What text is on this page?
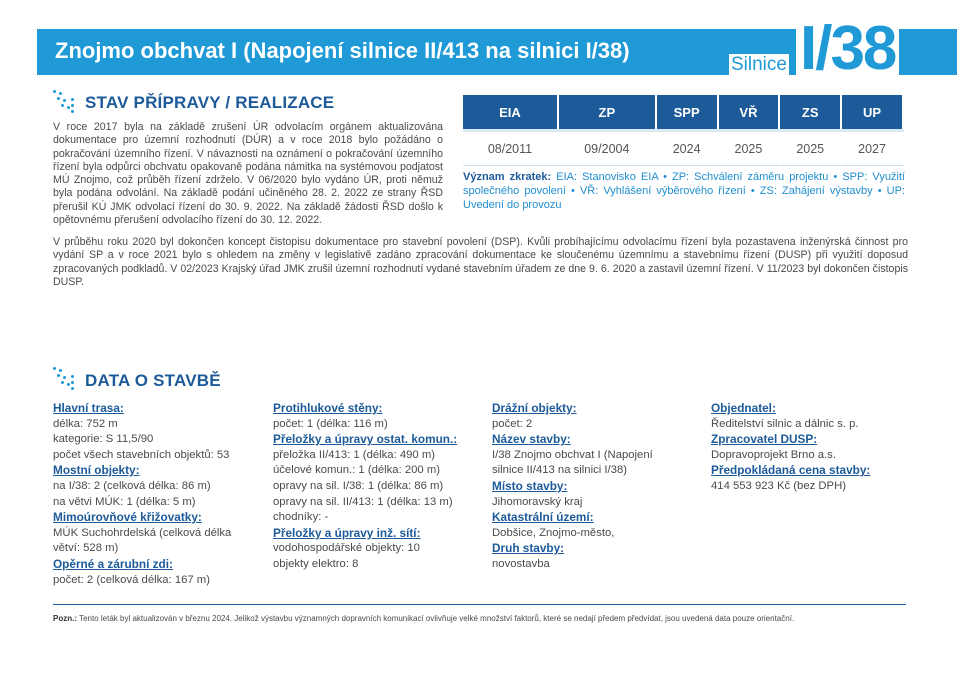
Znojmo obchvat I (Napojení silnice II/413 na silnici I/38)
Silnice I/38
STAV PŘÍPRAVY / REALIZACE
V roce 2017 byla na základě zrušení ÚR odvolacím orgánem aktualizována dokumentace pro územní rozhodnutí (DÚR) a v roce 2018 bylo požádáno o pokračování územního řízení. V návaznosti na oznámení o pokračování územního řízení byla odpůrci obchvatu opakovaně podána námitka na systémovou podjatost MÚ Znojmo, což průběh řízení zdrželo. V 06/2020 bylo vydáno ÚR, proti němuž byla podána odvolání. Na základě podání učiněného 28. 2. 2022 ze strany ŘSD přerušil KÚ JMK odvolací řízení do 30. 9. 2022. Na základě žádosti ŘSD došlo k opětovnému přerušení odvolacího řízení do 30. 12. 2022.
EIA	ZP	SPP	VŘ	ZS	UP

08/2011	09/2004	2024	2025	2025	2027
Význam zkratek: EIA: Stanovisko EIA • ZP: Schválení záměru projektu • SPP: Využití společného povolení • VŘ: Vyhlášení výběrového řízení • ZS: Zahájení výstavby • UP: Uvedení do provozu
V průběhu roku 2020 byl dokončen koncept čistopisu dokumentace pro stavební povolení (DSP). Kvůli probíhajícímu odvolacímu řízení byla pozastavena inženýrská činnost pro vydání SP a v roce 2021 bylo s ohledem na změny v legislativě zadáno zpracování dokumentace ke sloučenému územnímu a stavebnímu řízení (DUSP) při využití doposud zpracovaných podkladů. V 02/2023 Krajský úřad JMK zrušil územní rozhodnutí vydané stavebním úřadem ze dne 9. 6. 2020 a zastavil územní řízení. V 11/2023 byl dokončen čistopis DUSP.
DATA O STAVBĚ
Hlavní trasa:
délka: 752 m
kategorie: S 11,5/90
počet všech stavebních objektů: 53
Mostní objekty:
na I/38: 2 (celková délka: 86 m)
na větvi MÚK: 1 (délka: 5 m)
Mimoúrovňové křižovatky:
MÚK Suchohrdelská (celková délka
větví: 528 m)
Opěrné a zárubní zdi:
počet: 2 (celková délka: 167 m)
Protihlukové stěny:
počet: 1 (délka: 116 m)
Přeložky a úpravy ostat. komun.:
přeložka II/413: 1 (délka: 490 m)
účelové komun.: 1 (délka: 200 m)
opravy na sil. I/38: 1 (délka: 86 m)
opravy na sil. II/413: 1 (délka: 13 m)
chodníky: -
Přeložky a úpravy inž. sítí:
vodohospodářské objekty: 10
objekty elektro: 8
Drážní objekty:
počet: 2
Název stavby:
I/38 Znojmo obchvat I (Napojení
silnice II/413 na silnici I/38)
Místo stavby:
Jihomoravský kraj
Katastrální území:
Dobšice, Znojmo-město,
Druh stavby:
novostavba
Objednatel:
Ředitelství silnic a dálnic s. p.
Zpracovatel DUSP:
Dopravoprojekt Brno a.s.
Předpokládaná cena stavby:
414 553 923 Kč (bez DPH)
Pozn.: Tento leták byl aktualizován v březnu 2024. Jelikož výstavbu významných dopravních komunikací ovlivňuje velké množství faktorů, které se nedají předem předvídat, jsou uvedená data pouze orientační.
